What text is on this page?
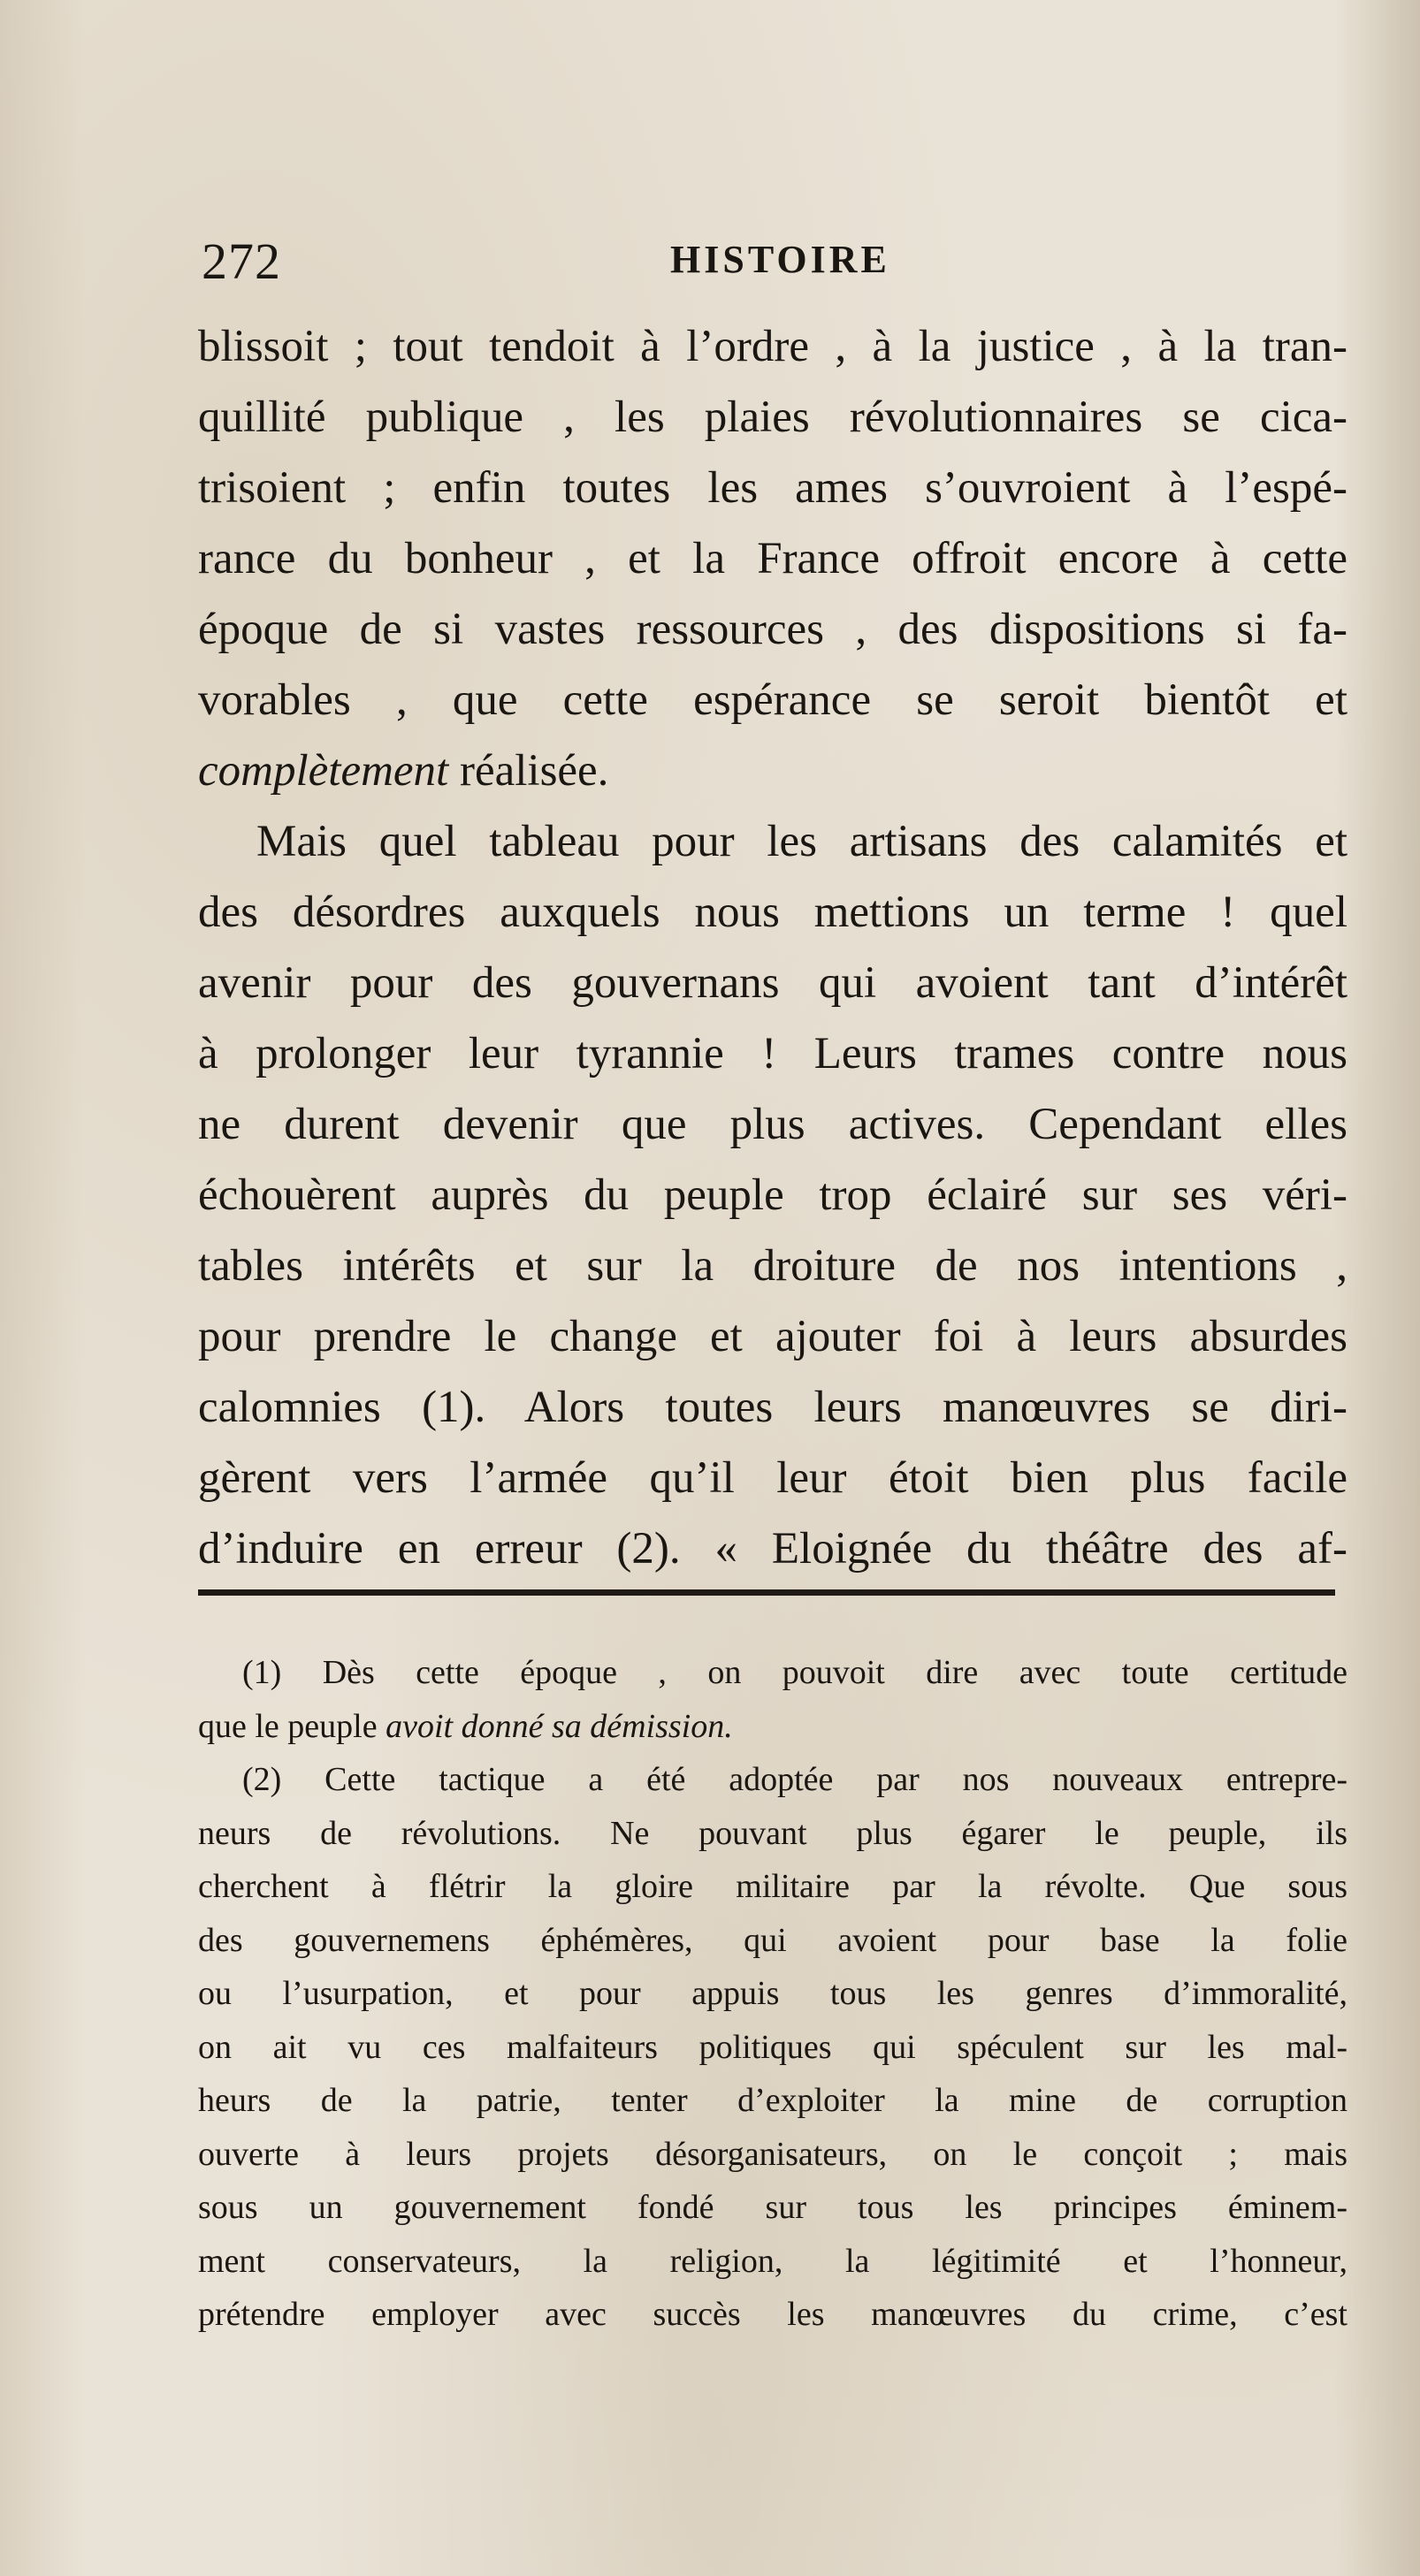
272	HISTOIRE
blissoit ; tout tendoit à l’ordre , à la justice , à la tran-
quillité publique , les plaies révolutionnaires se cica-
trisoient ; enfin toutes les ames s’ouvroient à l’espé-
rance du bonheur , et la France offroit encore à cette
époque de si vastes ressources , des dispositions si fa-
vorables , que cette espérance se seroit bientôt et
complètement réalisée.
Mais quel tableau pour les artisans des calamités et
des désordres auxquels nous mettions un terme ! quel
avenir pour des gouvernans qui avoient tant d’intérêt
à prolonger leur tyrannie ! Leurs trames contre nous
ne durent devenir que plus actives. Cependant elles
échouèrent auprès du peuple trop éclairé sur ses véri-
tables intérêts et sur la droiture de nos intentions ,
pour prendre le change et ajouter foi à leurs absurdes
calomnies (1). Alors toutes leurs manœuvres se diri-
gèrent vers l’armée qu’il leur étoit bien plus facile
d’induire en erreur (2). « Eloignée du théâtre des af-
(1) Dès cette époque , on pouvoit dire avec toute certitude
que le peuple avoit donné sa démission.
(2) Cette tactique a été adoptée par nos nouveaux entrepre-
neurs de révolutions. Ne pouvant plus égarer le peuple, ils
cherchent à flétrir la gloire militaire par la révolte. Que sous
des gouvernemens éphémères, qui avoient pour base la folie
ou l’usurpation, et pour appuis tous les genres d’immoralité,
on ait vu ces malfaiteurs politiques qui spéculent sur les mal-
heurs de la patrie, tenter d’exploiter la mine de corruption
ouverte à leurs projets désorganisateurs, on le conçoit ; mais
sous un gouvernement fondé sur tous les principes éminem-
ment conservateurs, la religion, la légitimité et l’honneur,
prétendre employer avec succès les manœuvres du crime, c’est
